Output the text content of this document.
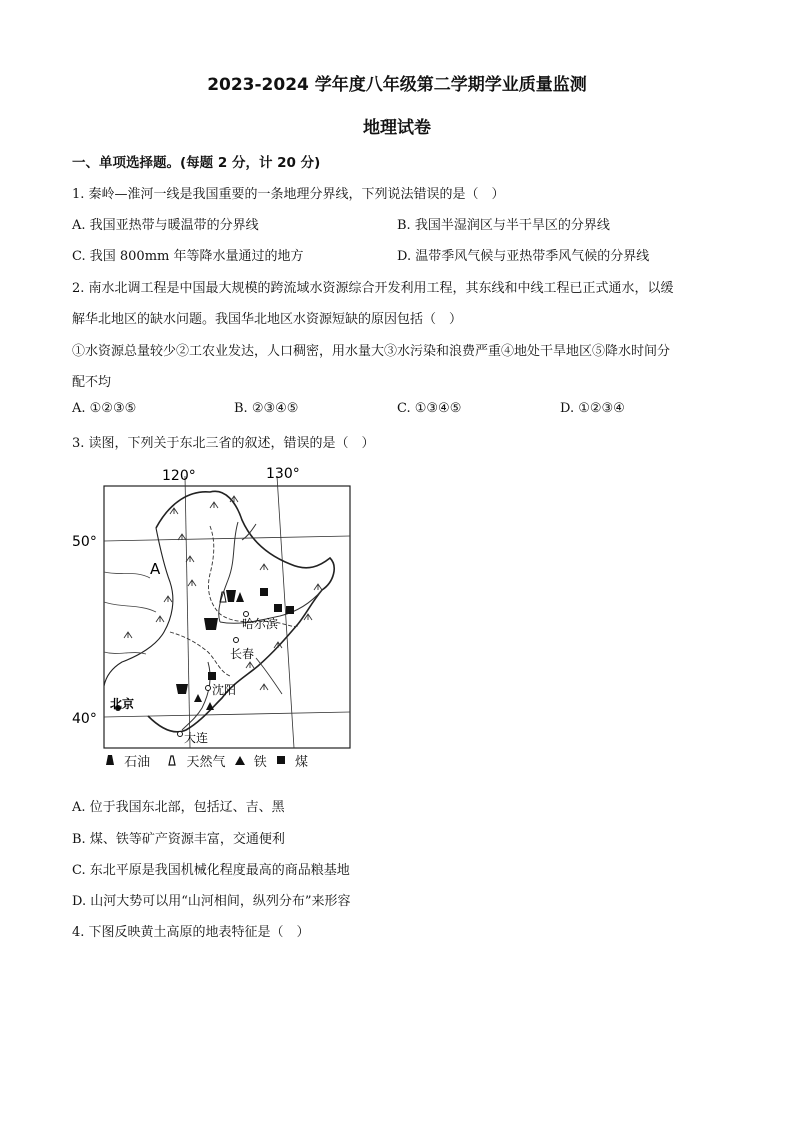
2023-2024 学年度八年级第二学期学业质量监测
地理试卷
一、单项选择题。(每题 2 分，计 20 分)
1. 秦岭—淮河一线是我国重要的一条地理分界线，下列说法错误的是（　）
A. 我国亚热带与暖温带的分界线	B. 我国半湿润区与半干旱区的分界线
C. 我国 800mm 年等降水量通过的地方	D. 温带季风气候与亚热带季风气候的分界线
2. 南水北调工程是中国最大规模的跨流域水资源综合开发利用工程，其东线和中线工程已正式通水，以缓
解华北地区的缺水问题。我国华北地区水资源短缺的原因包括（　）
①水资源总量较少②工农业发达，人口稠密，用水量大③水污染和浪费严重④地处干旱地区⑤降水时间分
配不均
A. ①②③⑤	B. ②③④⑤	C. ①③④⑤	D. ①②③④
3. 读图，下列关于东北三省的叙述，错误的是（　）
120°	130°
50°
40°
A
哈尔滨
长春
沈阳
北京
大连
石油	天然气 铁 煤
A. 位于我国东北部，包括辽、吉、黑
B. 煤、铁等矿产资源丰富，交通便利
C. 东北平原是我国机械化程度最高的商品粮基地
D. 山河大势可以用“山河相间，纵列分布”来形容
4. 下图反映黄土高原的地表特征是（　）
